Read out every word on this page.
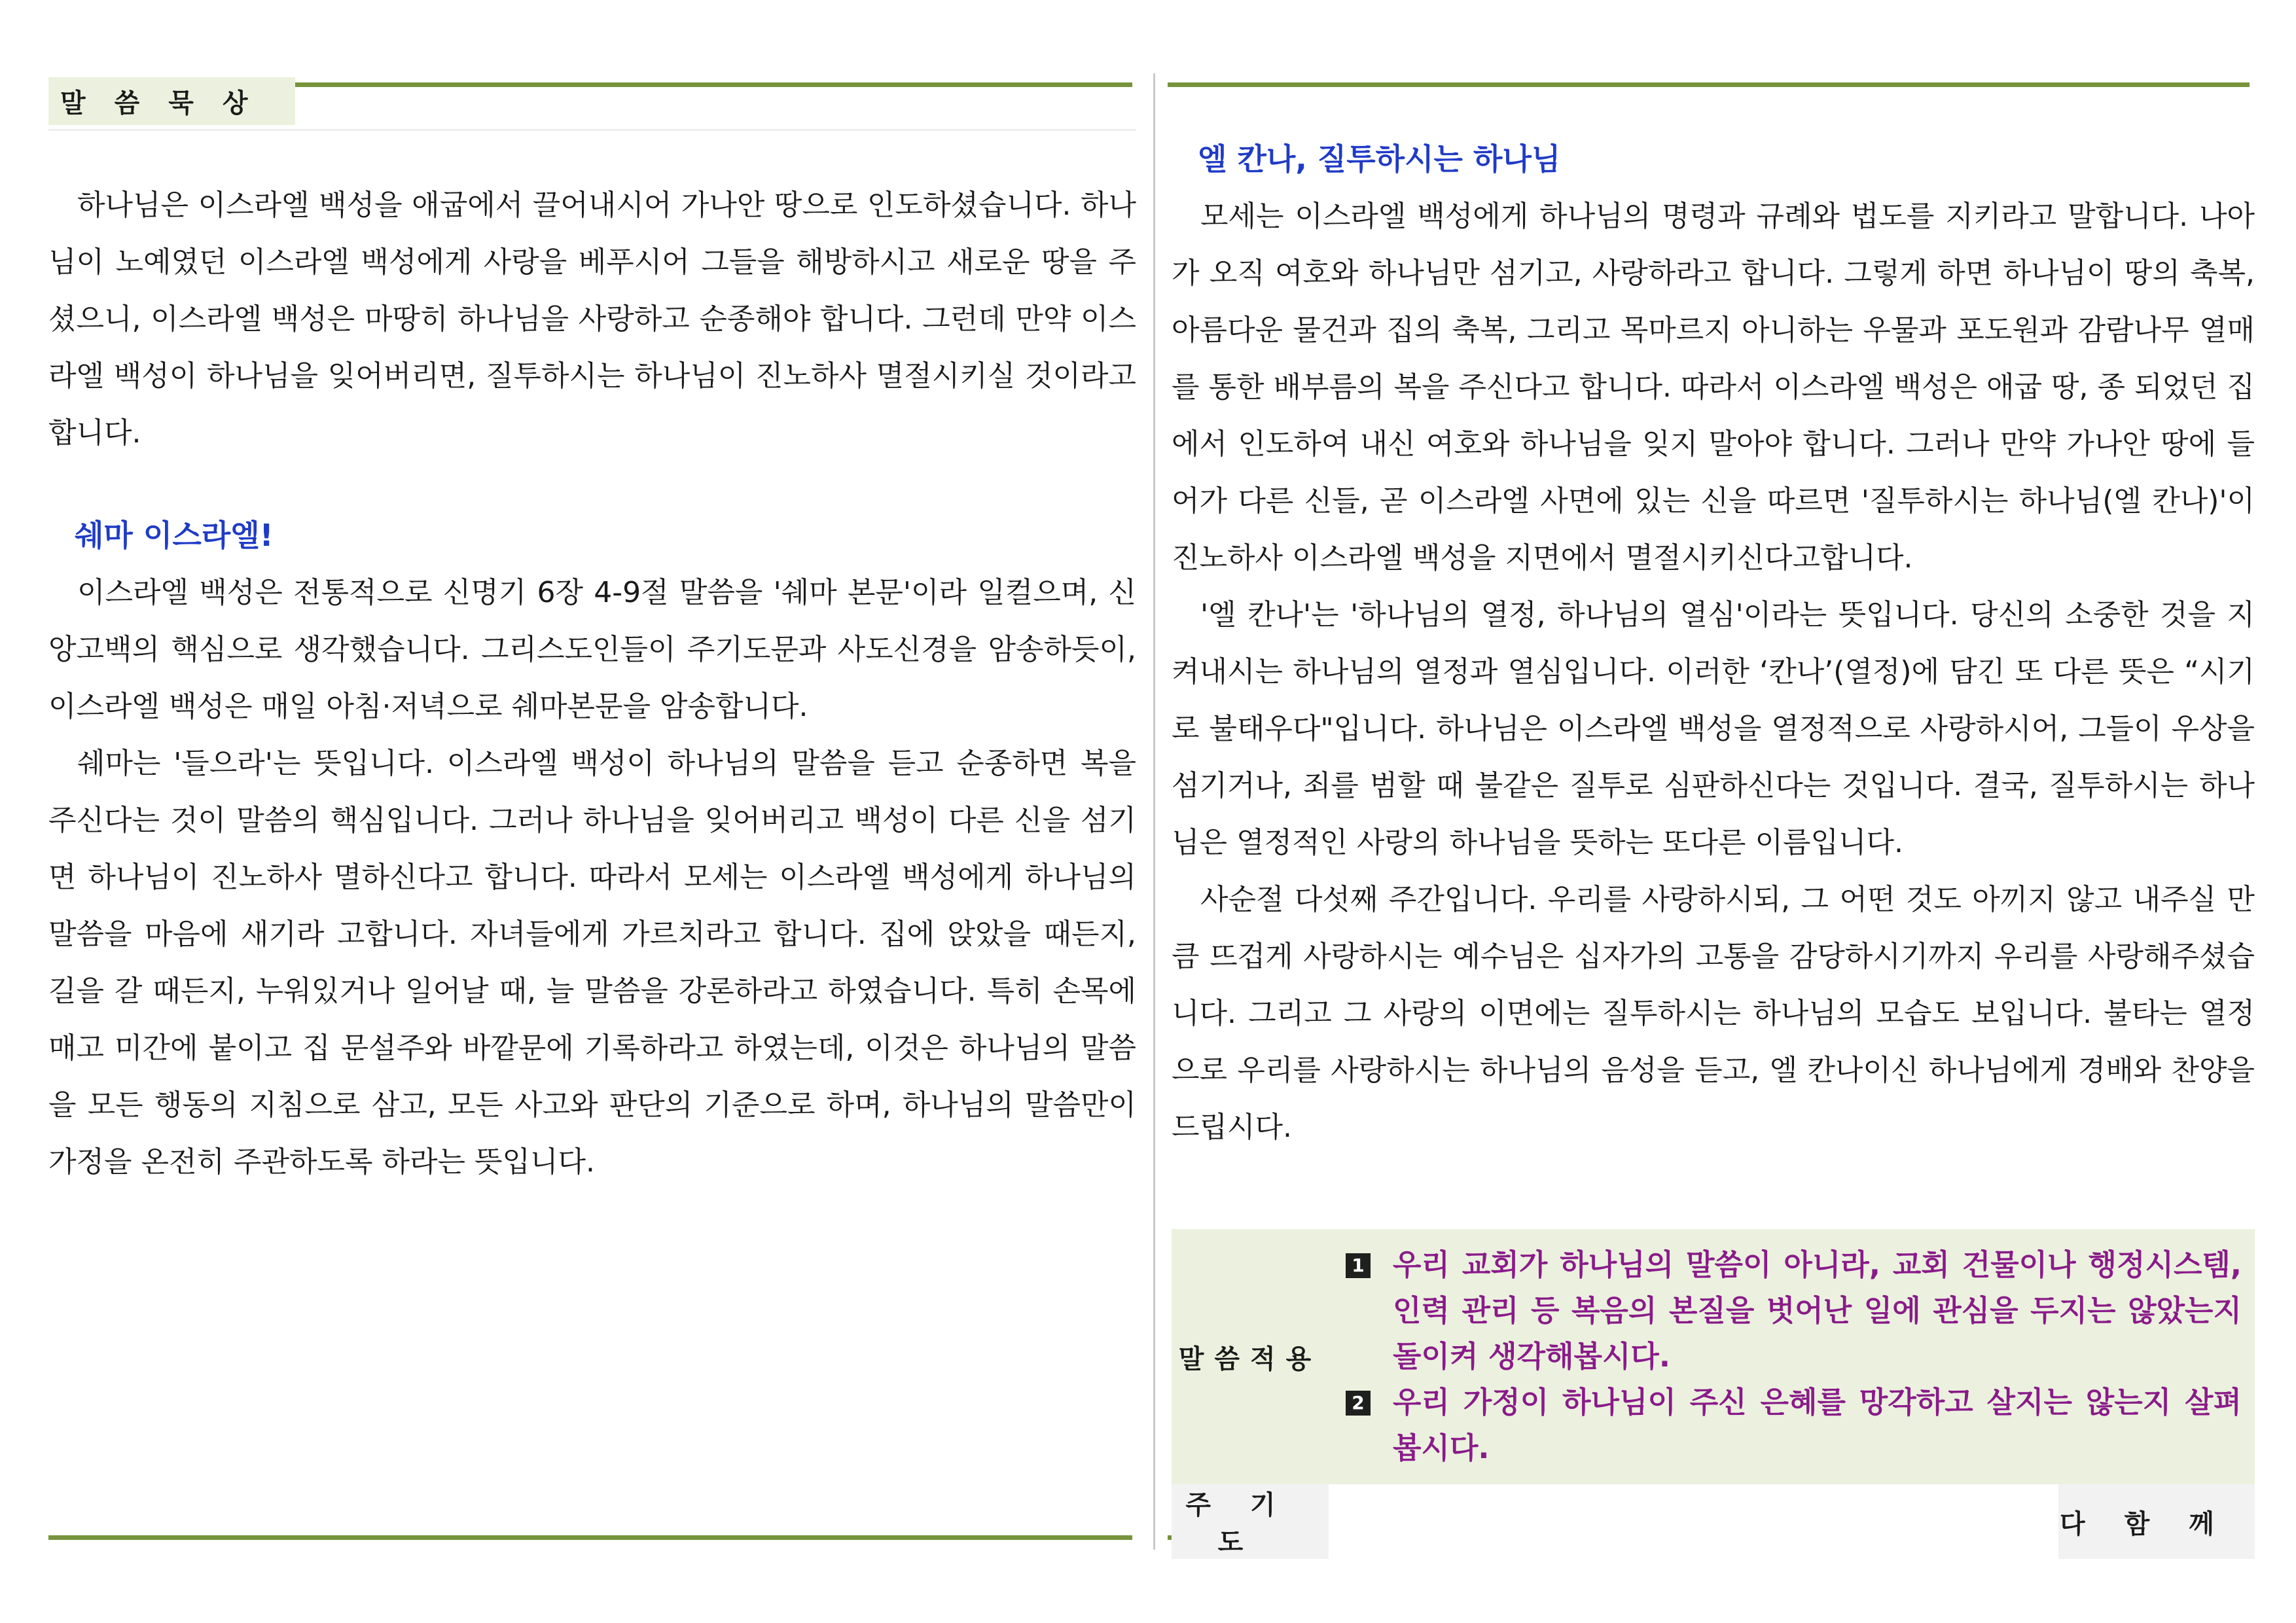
말씀묵상

하나님은 이스라엘 백성을 애굽에서 끌어내시어 가나안 땅으로 인도하셨습니다. 하나님이 노예였던 이스라엘 백성에게 사랑을 베푸시어 그들을 해방하시고 새로운 땅을 주셨으니, 이스라엘 백성은 마땅히 하나님을 사랑하고 순종해야 합니다. 그런데 만약 이스라엘 백성이 하나님을 잊어버리면, 질투하시는 하나님이 진노하사 멸절시키실 것이라고 합니다.

쉐마 이스라엘!

이스라엘 백성은 전통적으로 신명기 6장 4-9절 말씀을 '쉐마 본문'이라 일컬으며, 신앙고백의 핵심으로 생각했습니다. 그리스도인들이 주기도문과 사도신경을 암송하듯이, 이스라엘 백성은 매일 아침·저녁으로 쉐마본문을 암송합니다.

쉐마는 '들으라'는 뜻입니다. 이스라엘 백성이 하나님의 말씀을 듣고 순종하면 복을 주신다는 것이 말씀의 핵심입니다. 그러나 하나님을 잊어버리고 백성이 다른 신을 섬기면 하나님이 진노하사 멸하신다고 합니다. 따라서 모세는 이스라엘 백성에게 하나님의 말씀을 마음에 새기라 고합니다. 자녀들에게 가르치라고 합니다. 집에 앉았을 때든지, 길을 갈 때든지, 누워있거나 일어날 때, 늘 말씀을 강론하라고 하였습니다. 특히 손목에 매고 미간에 붙이고 집 문설주와 바깥문에 기록하라고 하였는데, 이것은 하나님의 말씀을 모든 행동의 지침으로 삼고, 모든 사고와 판단의 기준으로 하며, 하나님의 말씀만이 가정을 온전히 주관하도록 하라는 뜻입니다.

엘 칸나, 질투하시는 하나님

모세는 이스라엘 백성에게 하나님의 명령과 규례와 법도를 지키라고 말합니다. 나아가 오직 여호와 하나님만 섬기고, 사랑하라고 합니다. 그렇게 하면 하나님이 땅의 축복, 아름다운 물건과 집의 축복, 그리고 목마르지 아니하는 우물과 포도원과 감람나무 열매를 통한 배부름의 복을 주신다고 합니다. 따라서 이스라엘 백성은 애굽 땅, 종 되었던 집에서 인도하여 내신 여호와 하나님을 잊지 말아야 합니다. 그러나 만약 가나안 땅에 들어가 다른 신들, 곧 이스라엘 사면에 있는 신을 따르면 '질투하시는 하나님(엘 칸나)'이 진노하사 이스라엘 백성을 지면에서 멸절시키신다고합니다.

'엘 칸나'는 '하나님의 열정, 하나님의 열심'이라는 뜻입니다. 당신의 소중한 것을 지켜내시는 하나님의 열정과 열심입니다. 이러한 ‘칸나’(열정)에 담긴 또 다른 뜻은 “시기로 불태우다"입니다. 하나님은 이스라엘 백성을 열정적으로 사랑하시어, 그들이 우상을 섬기거나, 죄를 범할 때 불같은 질투로 심판하신다는 것입니다. 결국, 질투하시는 하나님은 열정적인 사랑의 하나님을 뜻하는 또다른 이름입니다.

사순절 다섯째 주간입니다. 우리를 사랑하시되, 그 어떤 것도 아끼지 않고 내주실 만큼 뜨겁게 사랑하시는 예수님은 십자가의 고통을 감당하시기까지 우리를 사랑해주셨습니다. 그리고 그 사랑의 이면에는 질투하시는 하나님의 모습도 보입니다. 불타는 열정으로 우리를 사랑하시는 하나님의 음성을 듣고, 엘 칸나이신 하나님에게 경배와 찬양을 드립시다.

말씀적용	1 우리 교회가 하나님의 말씀이 아니라, 교회 건물이나 행정시스템, 인력 관리 등 복음의 본질을 벗어난 일에 관심을 두지는 않았는지 돌이켜 생각해봅시다.
2 우리 가정이 하나님이 주신 은혜를 망각하고 살지는 않는지 살펴봅시다.	

주기도		다함께
